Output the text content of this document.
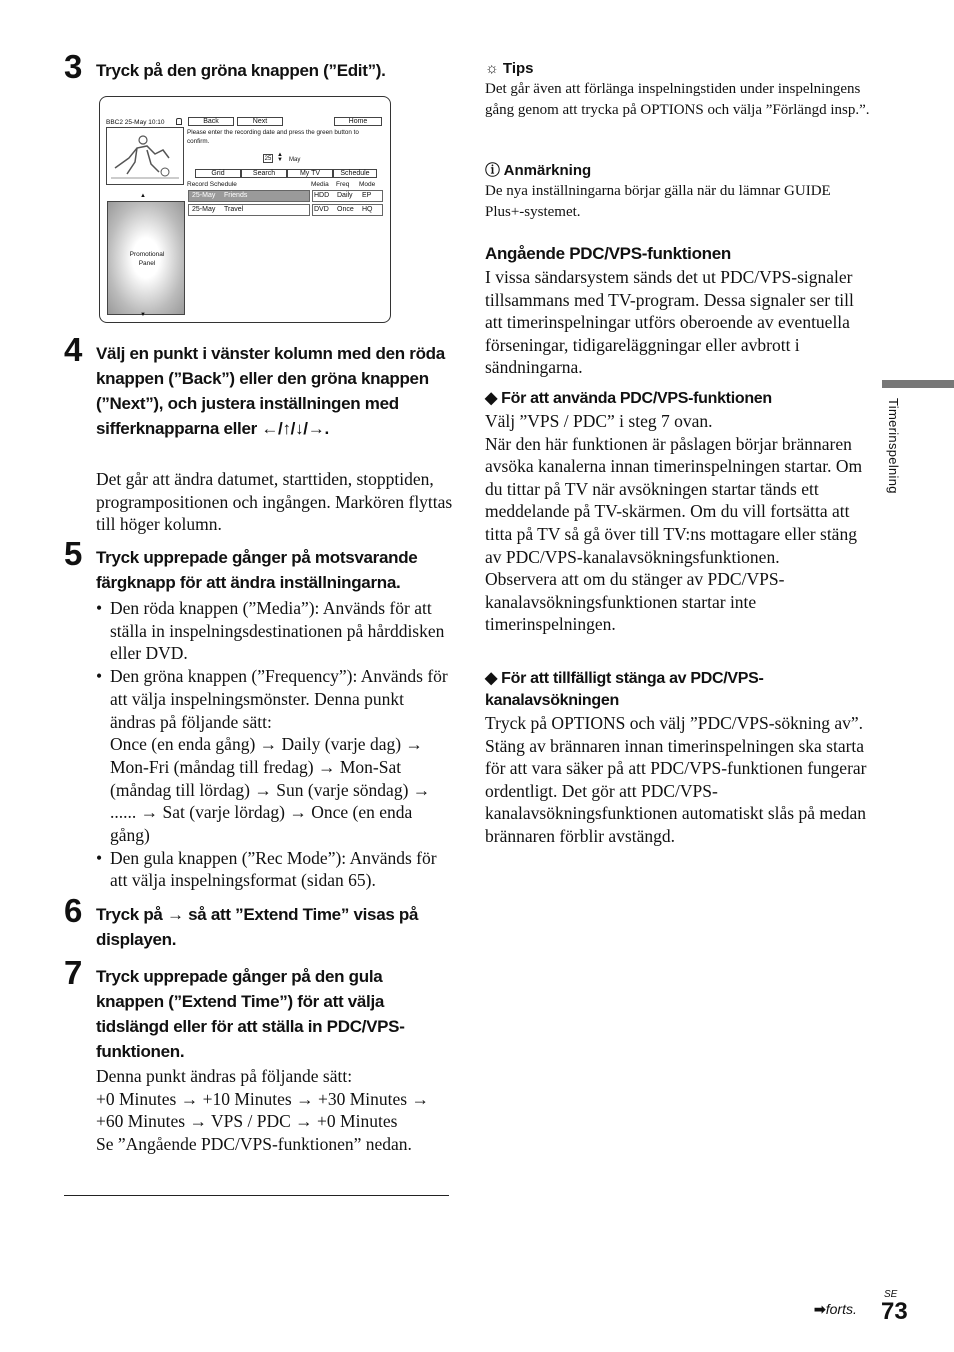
3 Tryck på den gröna knappen (”Edit”).
BBC2 25-May 10:10	Back	Next	Home
Please enter the recording date and press the green button to confirm.
25
▲
▼ May
Grid	Search	My TV	Schedule
Record Schedule	Media Freq Mode
25-May Friends	HDD Daily EP
25-May Travel	DVD Once HQ
▲
Promotional Panel
▼
4 Välj en punkt i vänster kolumn med den röda knappen (”Back”) eller den gröna knappen (”Next”), och justera inställningen med sifferknapparna eller ←/↑/↓/→.
Det går att ändra datumet, starttiden, stopptiden, programpositionen och ingången. Markören flyttas till höger kolumn.
5 Tryck upprepade gånger på motsvarande färgknapp för att ändra inställningarna.
• Den röda knappen (”Media”): Används för att ställa in inspelningsdestinationen på hårddisken eller DVD.
• Den gröna knappen (”Frequency”): Används för att välja inspelningsmönster. Denna punkt ändras på följande sätt:
Once (en enda gång) → Daily (varje dag) → Mon-Fri (måndag till fredag) → Mon-Sat (måndag till lördag) → Sun (varje söndag) → ...... → Sat (varje lördag) → Once (en enda gång)
• Den gula knappen (”Rec Mode”): Används för att välja inspelningsformat (sidan 65).
6 Tryck på → så att ”Extend Time” visas på displayen.
7 Tryck upprepade gånger på den gula knappen (”Extend Time”) för att välja tidslängd eller för att ställa in PDC/VPS-funktionen.
Denna punkt ändras på följande sätt:
+0 Minutes → +10 Minutes → +30 Minutes → +60 Minutes → VPS / PDC → +0 Minutes
Se ”Angående PDC/VPS-funktionen” nedan.
☼ Tips
Det går även att förlänga inspelningstiden under inspelningens gång genom att trycka på OPTIONS och välja ”Förlängd insp.”.
ⓘ Anmärkning
De nya inställningarna börjar gälla när du lämnar GUIDE Plus+-systemet.
Angående PDC/VPS-funktionen
I vissa sändarsystem sänds det ut PDC/VPS-signaler tillsammans med TV-program. Dessa signaler ser till att timerinspelningar utförs oberoende av eventuella förseningar, tidigareläggningar eller avbrott i sändningarna.
◆ För att använda PDC/VPS-funktionen
Välj ”VPS / PDC” i steg 7 ovan.
När den här funktionen är påslagen börjar brännaren avsöka kanalerna innan timerinspelningen startar. Om du tittar på TV när avsökningen startar tänds ett meddelande på TV-skärmen. Om du vill fortsätta att titta på TV så gå över till TV:ns mottagare eller stäng av PDC/VPS-kanalavsökningsfunktionen.
Observera att om du stänger av PDC/VPS-kanalavsökningsfunktionen startar inte timerinspelningen.
◆ För att tillfälligt stänga av PDC/VPS-kanalavsökningen
Tryck på OPTIONS och välj ”PDC/VPS-sökning av”.
Stäng av brännaren innan timerinspelningen ska starta för att vara säker på att PDC/VPS-funktionen fungerar ordentligt. Det gör att PDC/VPS-kanalavsökningsfunktionen automatiskt slås på medan brännaren förblir avstängd.
Timerinspelning
SE
➡forts. 73
